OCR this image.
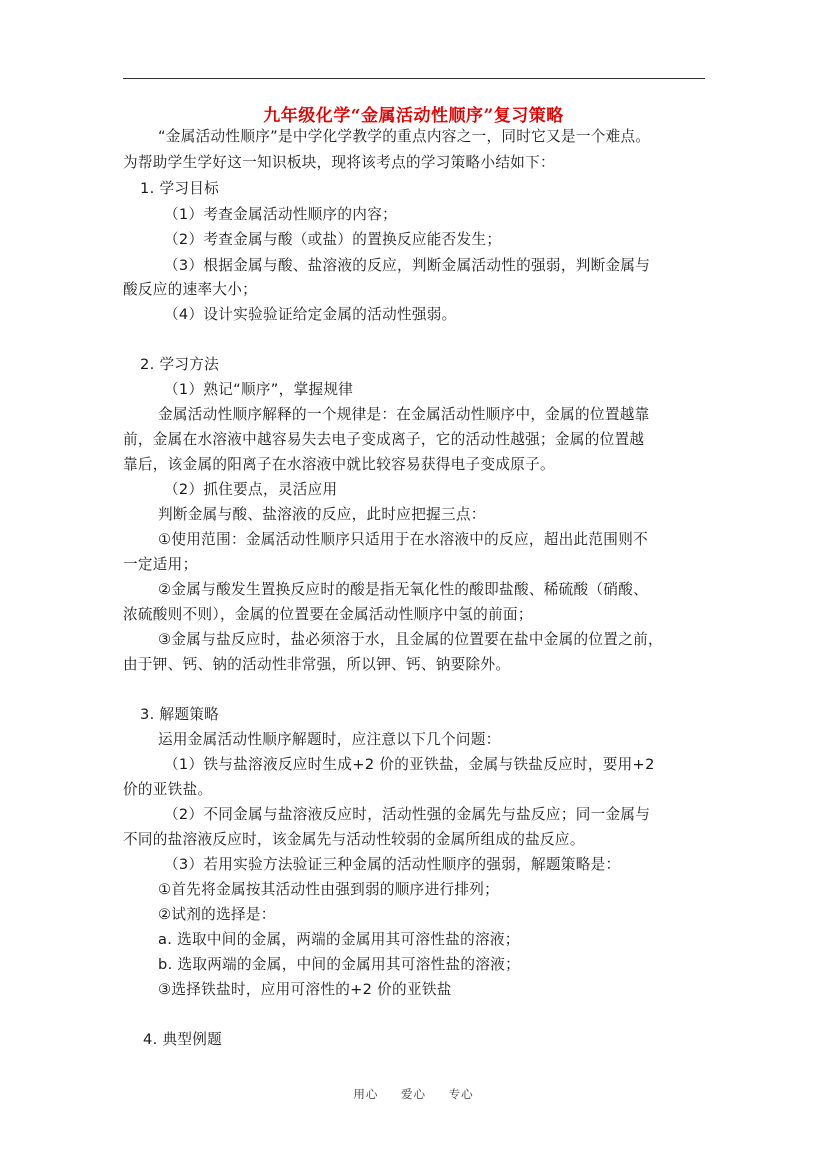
九年级化学“金属活动性顺序”复习策略
“金属活动性顺序”是中学化学教学的重点内容之一，同时它又是一个难点。
为帮助学生学好这一知识板块，现将该考点的学习策略小结如下：
1. 学习目标
（1）考查金属活动性顺序的内容；
（2）考查金属与酸（或盐）的置换反应能否发生；
（3）根据金属与酸、盐溶液的反应，判断金属活动性的强弱，判断金属与
酸反应的速率大小；
（4）设计实验验证给定金属的活动性强弱。
2. 学习方法
（1）熟记“顺序”，掌握规律
金属活动性顺序解释的一个规律是：在金属活动性顺序中，金属的位置越靠
前，金属在水溶液中越容易失去电子变成离子，它的活动性越强；金属的位置越
靠后，该金属的阳离子在水溶液中就比较容易获得电子变成原子。
（2）抓住要点，灵活应用
判断金属与酸、盐溶液的反应，此时应把握三点：
①使用范围：金属活动性顺序只适用于在水溶液中的反应，超出此范围则不
一定适用；
②金属与酸发生置换反应时的酸是指无氧化性的酸即盐酸、稀硫酸（硝酸、
浓硫酸则不则），金属的位置要在金属活动性顺序中氢的前面；
③金属与盐反应时，盐必须溶于水，且金属的位置要在盐中金属的位置之前，
由于钾、钙、钠的活动性非常强，所以钾、钙、钠要除外。
3. 解题策略
运用金属活动性顺序解题时，应注意以下几个问题：
（1）铁与盐溶液反应时生成+2 价的亚铁盐，金属与铁盐反应时，要用+2
价的亚铁盐。
（2）不同金属与盐溶液反应时，活动性强的金属先与盐反应；同一金属与
不同的盐溶液反应时，该金属先与活动性较弱的金属所组成的盐反应。
（3）若用实验方法验证三种金属的活动性顺序的强弱，解题策略是：
①首先将金属按其活动性由强到弱的顺序进行排列；
②试剂的选择是：
a. 选取中间的金属，两端的金属用其可溶性盐的溶液；
b. 选取两端的金属，中间的金属用其可溶性盐的溶液；
③选择铁盐时，应用可溶性的+2 价的亚铁盐
4. 典型例题
用心 爱心 专心
